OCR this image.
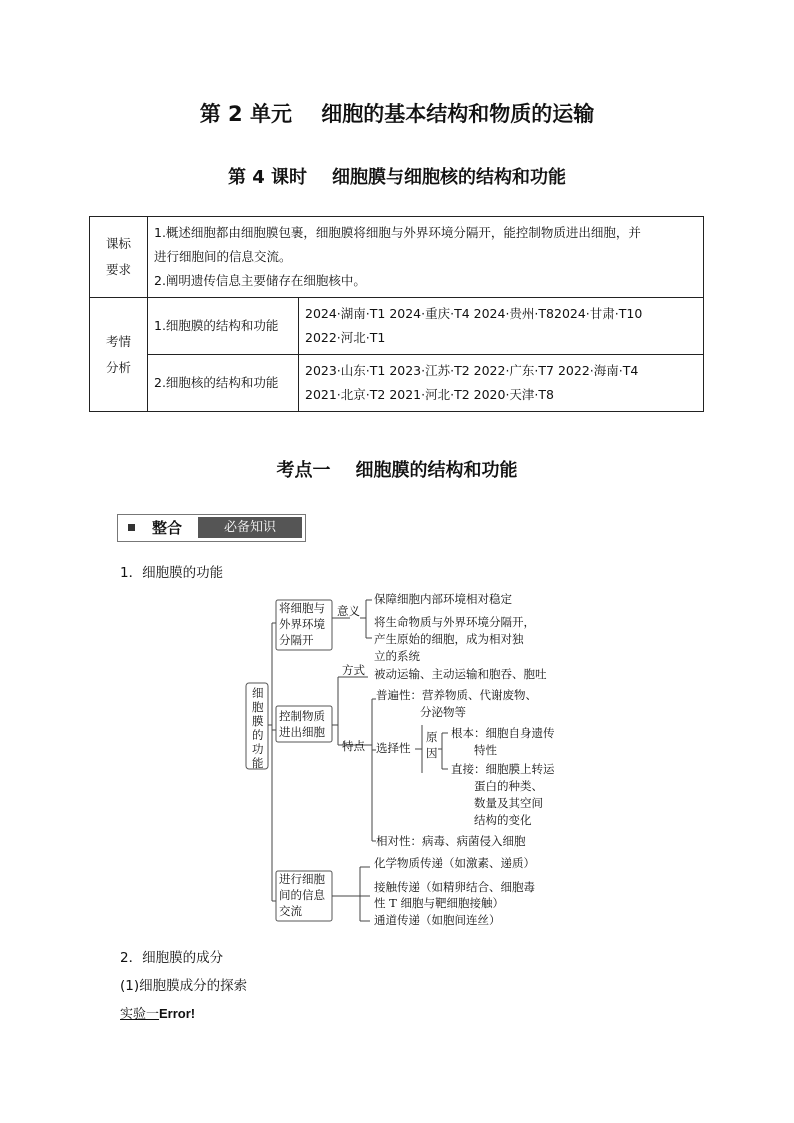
第 2 单元    细胞的基本结构和物质的运输
第 4 课时    细胞膜与细胞核的结构和功能
课标
要求	1.概述细胞都由细胞膜包裹，细胞膜将细胞与外界环境分隔开，能控制物质进出细胞，并
进行细胞间的信息交流。
2.阐明遗传信息主要储存在细胞核中。	

考情
分析	1.细胞膜的结构和功能	2024·湖南·T1 2024·重庆·T4 2024·贵州·T82024·甘肃·T10
2022·河北·T1

	2.细胞核的结构和功能	2023·山东·T1 2023·江苏·T2 2022·广东·T7 2022·海南·T4
2021·北京·T2 2021·河北·T2 2020·天津·T8
考点一    细胞膜的结构和功能
整合	必备知识
1．细胞膜的功能
细
胞
膜
的
功
能
将细胞与
外界环境
分隔开
意义
保障细胞内部环境相对稳定
将生命物质与外界环境分隔开，
产生原始的细胞，成为相对独
立的系统
控制物质
进出细胞
方式 被动运输、主动运输和胞吞、胞吐
特点
普遍性：营养物质、代谢废物、
分泌物等
选择性
原
因
根本：细胞自身遗传
特性
直接：细胞膜上转运
蛋白的种类、
数量及其空间
结构的变化
相对性：病毒、病菌侵入细胞
进行细胞
间的信息
交流
化学物质传递（如激素、递质）
接触传递（如精卵结合、细胞毒
性 T 细胞与靶细胞接触）
通道传递（如胞间连丝）
2．细胞膜的成分
(1)细胞膜成分的探索
实验一Error!
